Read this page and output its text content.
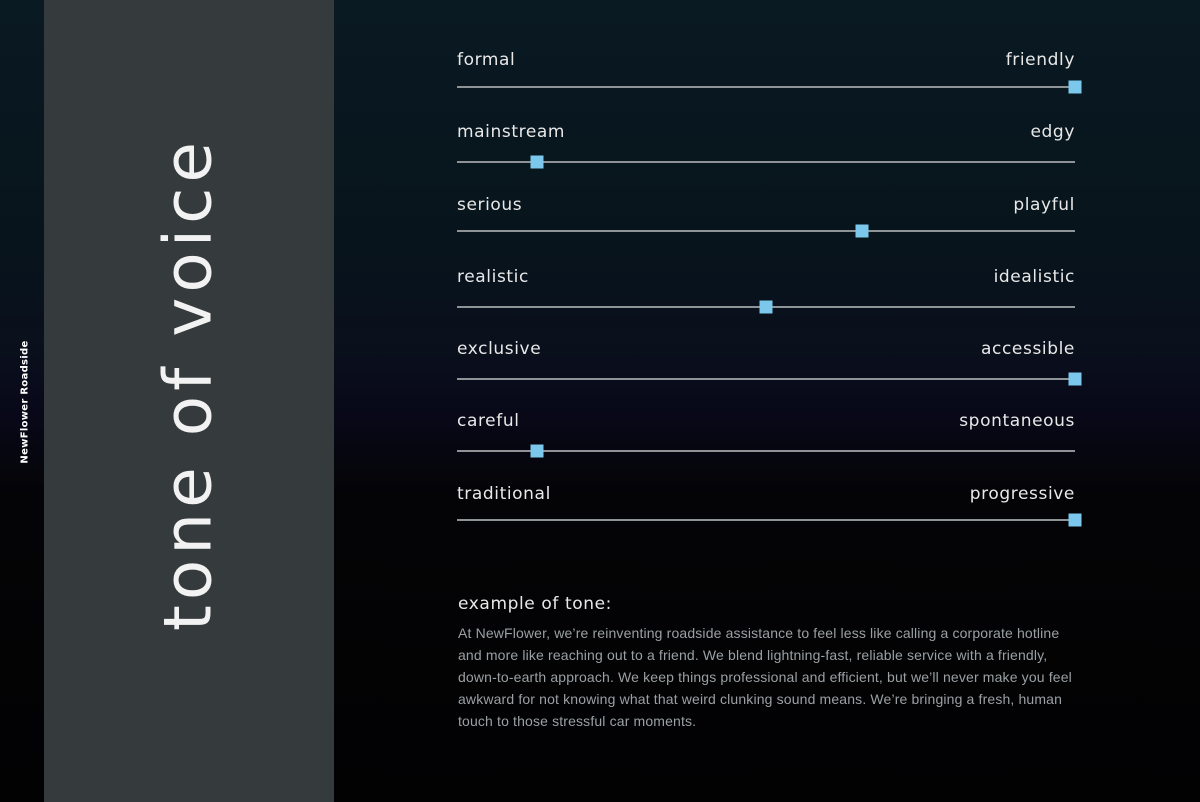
NewFlower Roadside tone of voice
formal	friendly
mainstream	edgy
serious	playful
realistic	idealistic
exclusive	accessible
careful	spontaneous
traditional	progressive
example of tone:

At NewFlower, we’re reinventing roadside assistance to feel less like calling a corporate hotline and more like reaching out to a friend. We blend lightning-fast, reliable service with a friendly, down-to-earth approach. We keep things professional and efficient, but we’ll never make you feel awkward for not knowing what that weird clunking sound means. We’re bringing a fresh, human touch to those stressful car moments.
